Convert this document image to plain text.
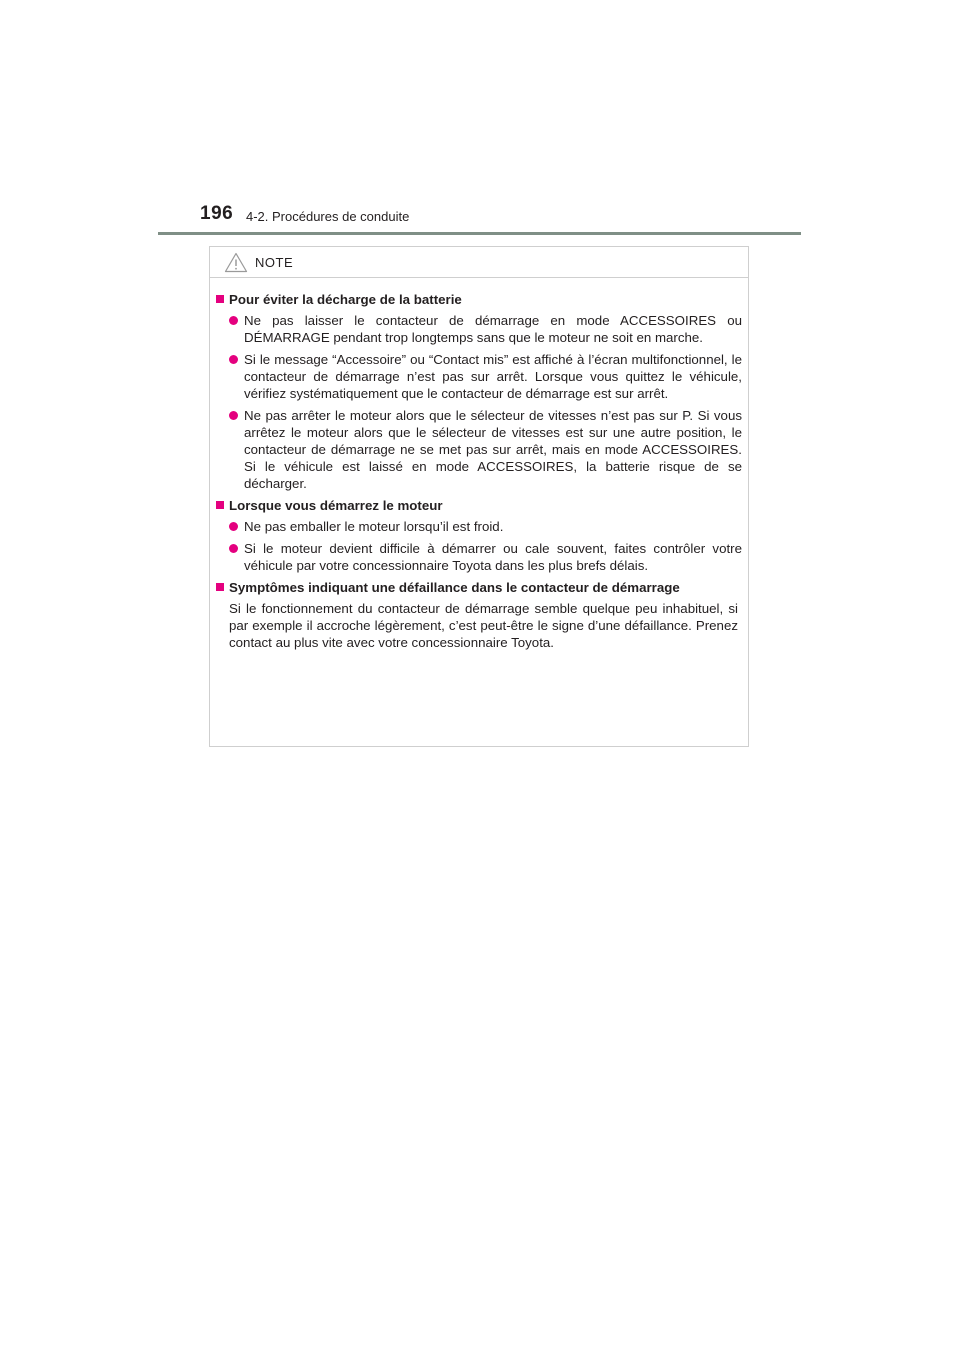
196 4-2. Procédures de conduite
NOTE
Pour éviter la décharge de la batterie
Ne pas laisser le contacteur de démarrage en mode ACCESSOIRES ou DÉMARRAGE pendant trop longtemps sans que le moteur ne soit en marche.
Si le message “Accessoire” ou “Contact mis” est affiché à l’écran multifonctionnel, le contacteur de démarrage n’est pas sur arrêt. Lorsque vous quittez le véhicule, vérifiez systématiquement que le contacteur de démarrage est sur arrêt.
Ne pas arrêter le moteur alors que le sélecteur de vitesses n’est pas sur P. Si vous arrêtez le moteur alors que le sélecteur de vitesses est sur une autre position, le contacteur de démarrage ne se met pas sur arrêt, mais en mode ACCESSOIRES. Si le véhicule est laissé en mode ACCESSOIRES, la batterie risque de se décharger.
Lorsque vous démarrez le moteur
Ne pas emballer le moteur lorsqu’il est froid.
Si le moteur devient difficile à démarrer ou cale souvent, faites contrôler votre véhicule par votre concessionnaire Toyota dans les plus brefs délais.
Symptômes indiquant une défaillance dans le contacteur de démarrage
Si le fonctionnement du contacteur de démarrage semble quelque peu inhabituel, si par exemple il accroche légèrement, c’est peut-être le signe d’une défaillance. Prenez contact au plus vite avec votre concessionnaire Toyota.
